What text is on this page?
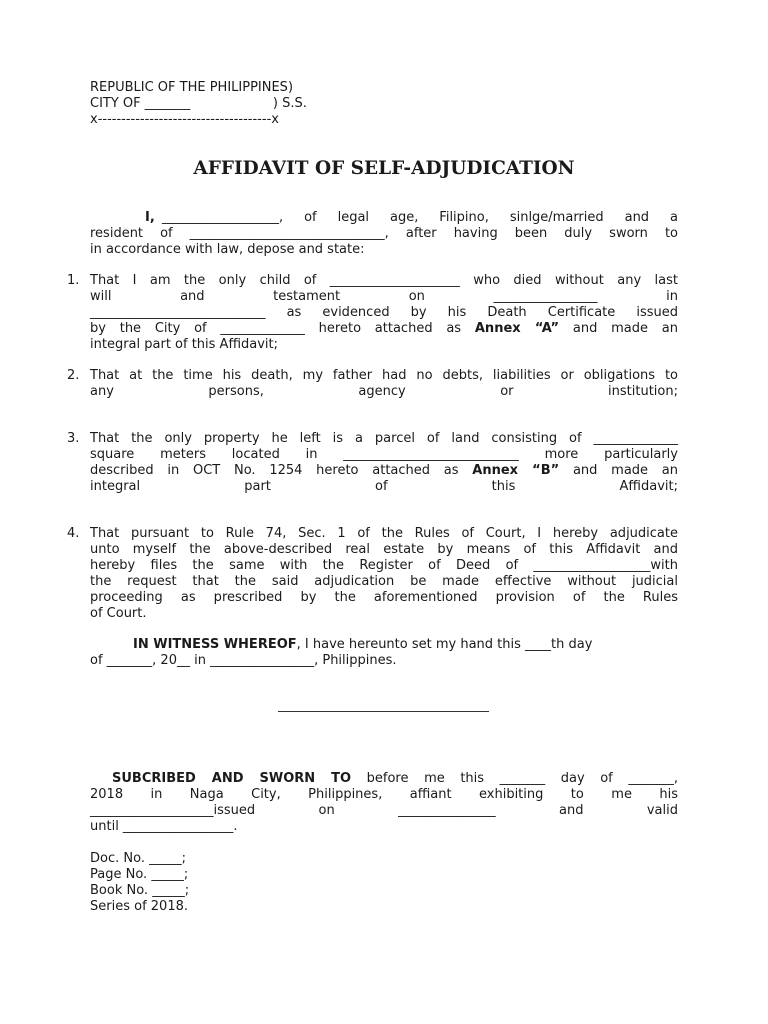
REPUBLIC OF THE PHILIPPINES)

CITY OF _______                    ) S.S.

x-------------------------------------x

AFFIDAVIT OF SELF-ADJUDICATION

I, __________________, of legal age, Filipino, sinlge/married and a

resident of ______________________________, after having been duly sworn to

in accordance with law, depose and state:

1. That I am the only child of ____________________ who died without any last

will and testament on ________________ in

___________________________ as evidenced by his Death Certificate issued

by the City of _____________ hereto attached as Annex “A” and made an

integral part of this Affidavit;

2. That at the time his death, my father had no debts, liabilities or obligations to

any persons, agency or institution;

3. That the only property he left is a parcel of land consisting of _____________

square meters located in ___________________________ more particularly

described in OCT No. 1254 hereto attached as Annex “B” and made an

integral part of this Affidavit;

4. That pursuant to Rule 74, Sec. 1 of the Rules of Court, I hereby adjudicate

unto myself the above-described real estate by means of this Affidavit and

hereby files the same with the Register of Deed of __________________with

the request that the said adjudication be made effective without judicial

proceeding as prescribed by the aforementioned provision of the Rules

of Court.

IN WITNESS WHEREOF, I have hereunto set my hand this ____th day

of _______, 20__ in ________________, Philippines.

SUBCRIBED AND SWORN TO before me this _______ day of _______,

2018 in Naga City, Philippines, affiant exhibiting to me his

___________________issued on _______________ and valid

until _________________.

Doc. No. _____;

Page No. _____;

Book No. _____;

Series of 2018.
